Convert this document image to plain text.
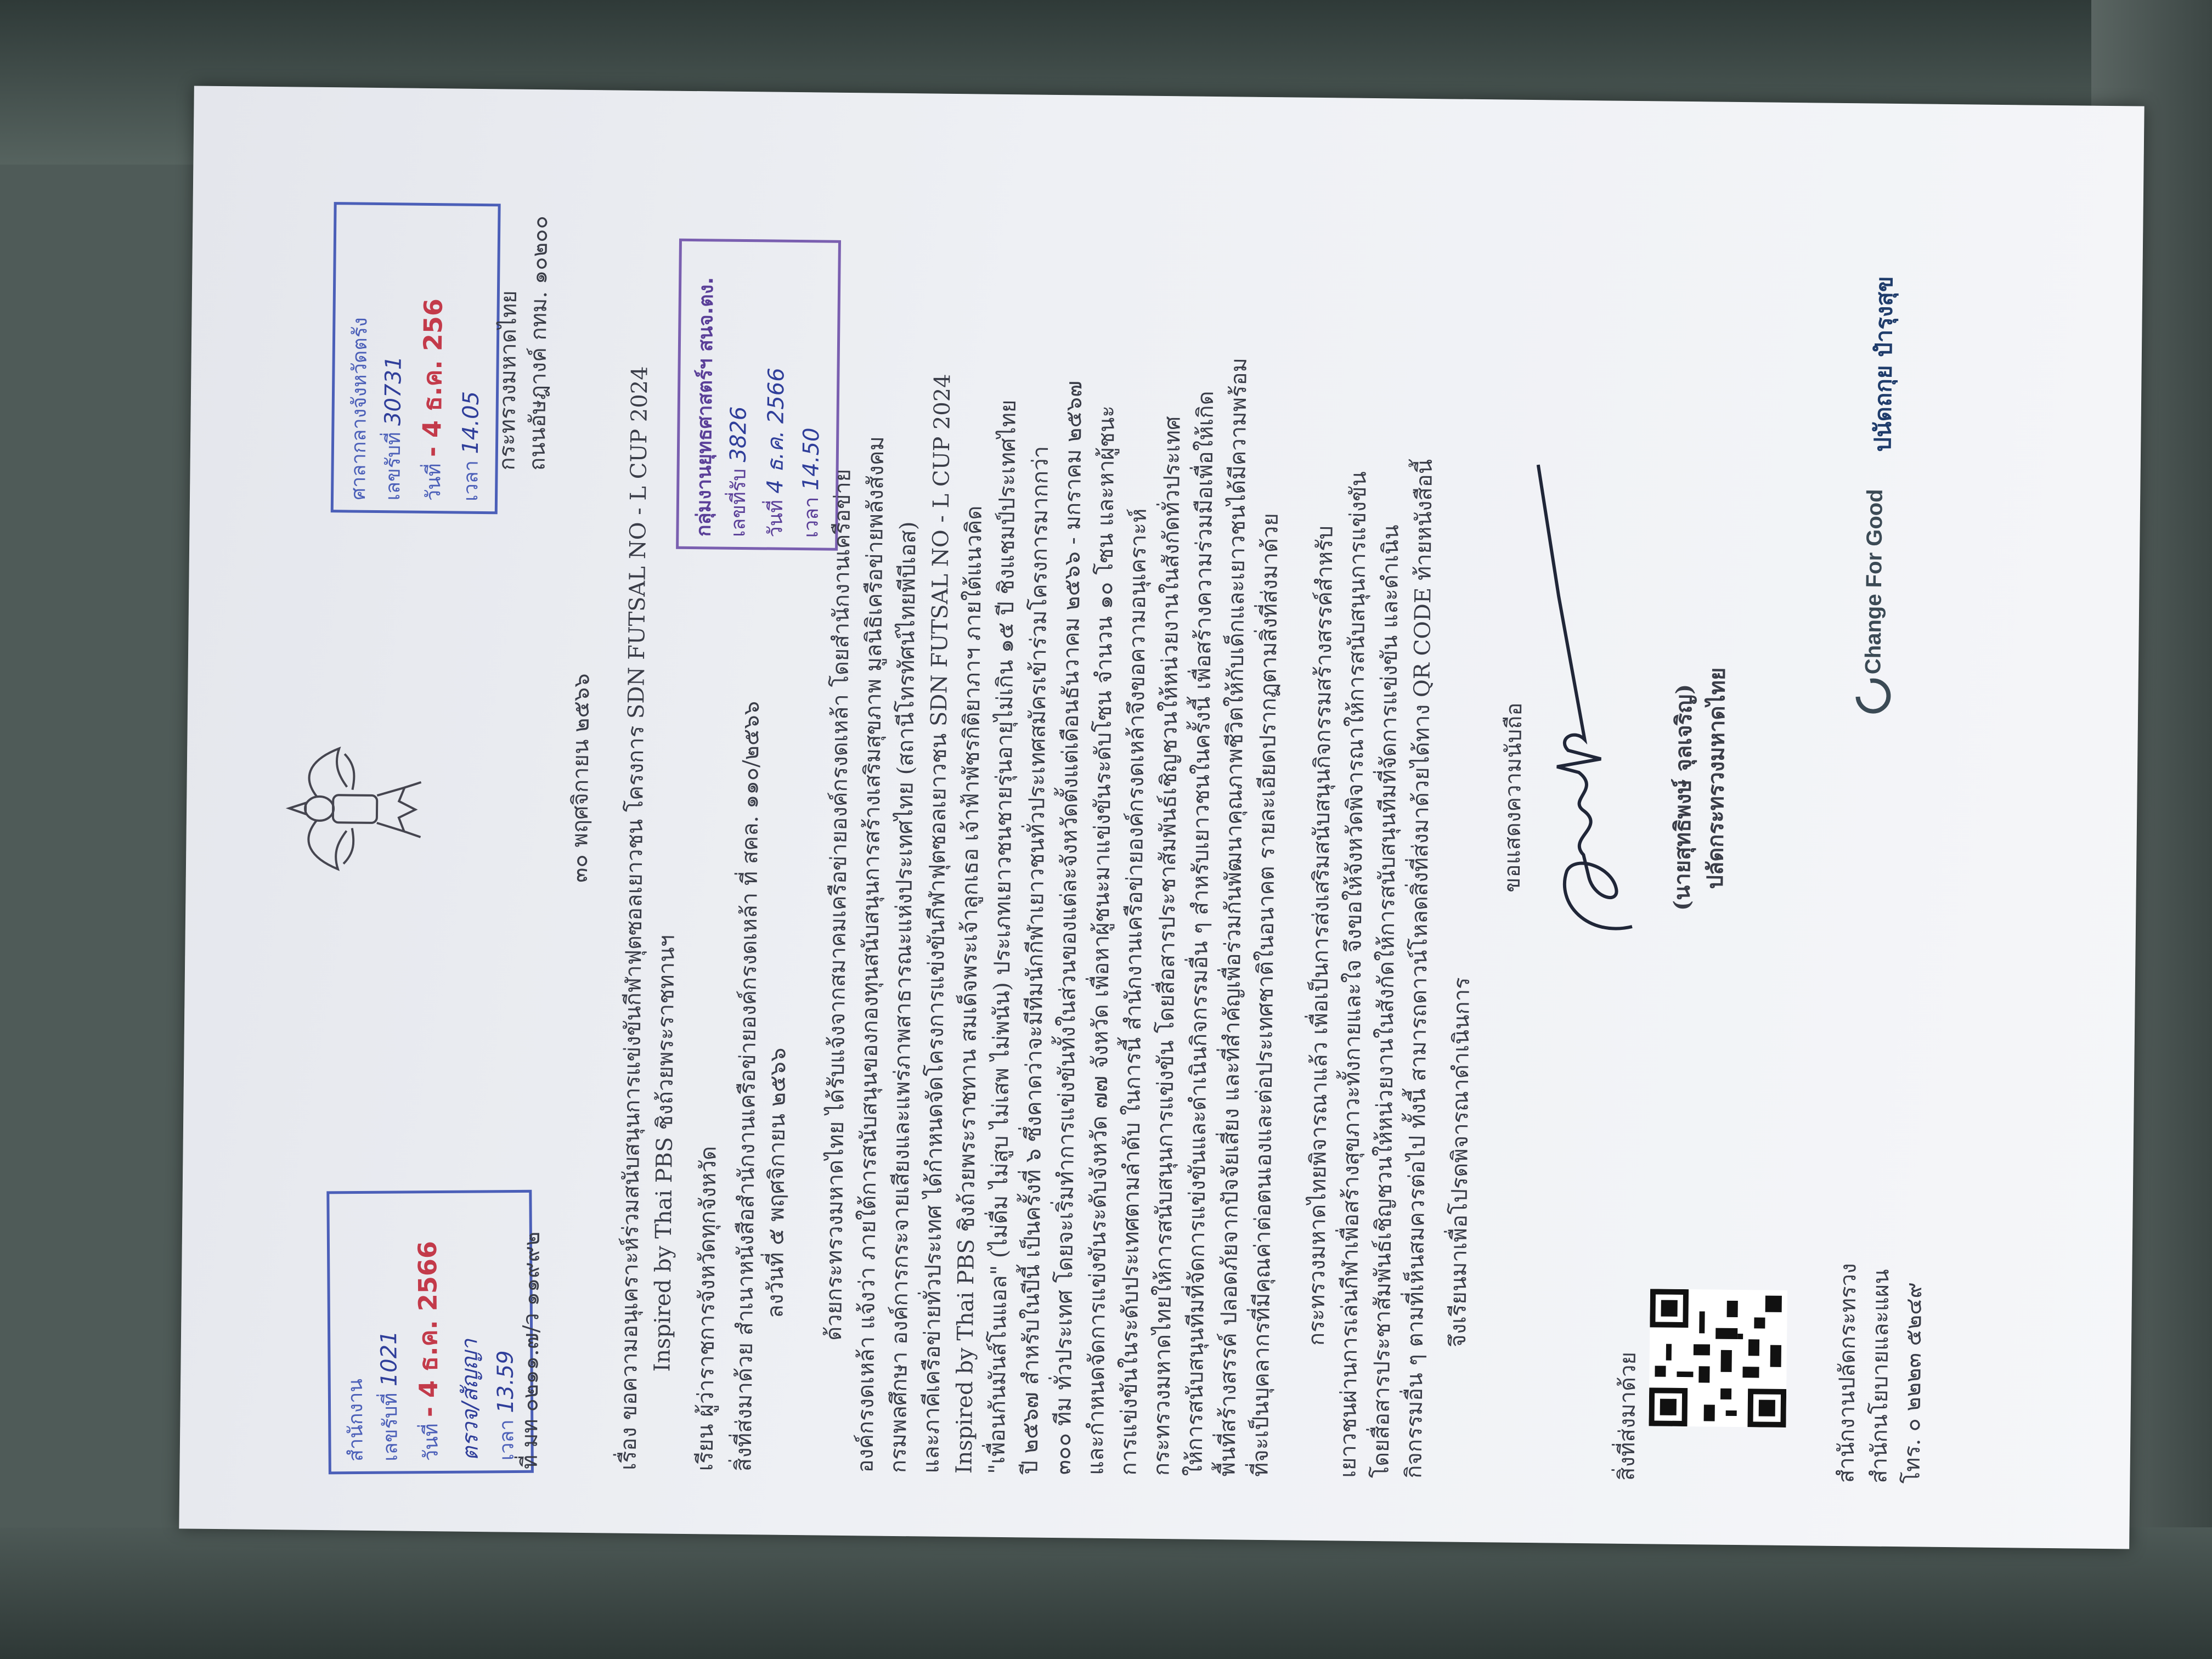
สำนักงาน เลขรับที่ 1021
วันที่ - 4 ธ.ค. 2566 ตรวจ/สัญญา เวลา 13.59
ศาลากลางจังหวัดตรัง เลขรับที่ 30731
วันที่ - 4 ธ.ค. 256
เวลา 14.05
ที่ มท ๐๒๑๑.๗/ว ๑๑๙๙๒
กระทรวงมหาดไทย ถนนอัษฎางค์ กทม. ๑๐๒๐๐
๓๐ พฤศจิกายน ๒๕๖๖
เรื่อง ขอความอนุเคราะห์ร่วมสนับสนุนการแข่งขันกีฬาฟุตซอลเยาวชน โครงการ SDN FUTSAL NO - L CUP 2024
Inspired by Thai PBS ชิงถ้วยพระราชทานฯ
เรียน ผู้ว่าราชการจังหวัดทุกจังหวัด สิ่งที่ส่งมาด้วย สำเนาหนังสือสำนักงานเครือข่ายองค์กรงดเหล้า ที่ สคล. ๑๑๐/๒๕๖๖
ลงวันที่ ๕ พฤศจิกายน ๒๕๖๖
กลุ่มงานยุทธศาสตร์ฯ สนจ.ตง. เลขที่รับ 3826
วันที่ 4 ธ.ค. 2566
เวลา 14.50
ด้วยกระทรวงมหาดไทย ได้รับแจ้งจากสมาคมเครือข่ายองค์กรงดเหล้า โดยสำนักงานเครือข่าย
องค์กรงดเหล้า แจ้งว่า ภายใต้การสนับสนุนของกองทุนสนับสนุนการสร้างเสริมสุขภาพ มูลนิธิเครือข่ายพลังสังคม
กรมพลศึกษา องค์การกระจายเสียงและแพร่ภาพสาธารณะแห่งประเทศไทย (สถานีโทรทัศน์ไทยพีบีเอส)
และภาคีเครือข่ายทั่วประเทศ ได้กำหนดจัดโครงการแข่งขันกีฬาฟุตซอลเยาวชน SDN FUTSAL NO - L CUP 2024
Inspired by Thai PBS ชิงถ้วยพระราชทาน สมเด็จพระเจ้าลูกเธอ เจ้าฟ้าพัชรกิติยาภาฯ ภายใต้แนวคิด
"เพื่อนกันมันส์โนแอล" (ไม่ดื่ม ไม่สูบ ไม่เสพ ไม่พนัน) ประเภทเยาวชนชายรุ่นอายุไม่เกิน ๑๕ ปี ชิงแชมป์ประเทศไทย
ปี ๒๕๖๗ สำหรับในปีนี้ เป็นครั้งที่ ๖ ซึ่งคาดว่าจะมีทีมนักกีฬาเยาวชนทั่วประเทศสมัครเข้าร่วมโครงการมากกว่า
๓๐๐ ทีม ทั่วประเทศ โดยจะเริ่มทำการแข่งขันทั้งในส่วนของแต่ละจังหวัดตั้งแต่เดือนธันวาคม ๒๕๖๖ - มกราคม ๒๕๖๗
และกำหนดจัดการแข่งขันระดับจังหวัด ๗๗ จังหวัด เพื่อหาผู้ชนะมาแข่งขันระดับโซน จำนวน ๑๐ โซน และหาผู้ชนะ
การแข่งขันในระดับประเทศตามลำดับ ในการนี้ สำนักงานเครือข่ายองค์กรงดเหล้าจึงขอความอนุเคราะห์
กระทรวงมหาดไทยให้การสนับสนุนการแข่งขัน โดยสื่อสารประชาสัมพันธ์เชิญชวนให้หน่วยงานในสังกัดทั่วประเทศ
ให้การสนับสนุนทีมที่จัดการแข่งขันและดำเนินกิจกรรมอื่น ๆ สำหรับเยาวชนในครั้งนี้ เพื่อสร้างความร่วมมือเพื่อให้เกิด
พื้นที่สร้างสรรค์ ปลอดภัยจากปัจจัยเสี่ยง และที่สำคัญเพื่อร่วมกันพัฒนาคุณภาพชีวิตให้กับเด็กและเยาวชนได้มีความพร้อม
ที่จะเป็นบุคลากรที่มีคุณค่าต่อตนเองและต่อประเทศชาติในอนาคต รายละเอียดปรากฏตามสิ่งที่ส่งมาด้วย กระทรวงมหาดไทยพิจารณาแล้ว เพื่อเป็นการส่งเสริมสนับสนุนกิจกรรมสร้างสรรค์สำหรับ
เยาวชนผ่านการเล่นกีฬาเพื่อสร้างสุขภาวะทั้งกายและใจ จึงขอให้จังหวัดพิจารณาให้การสนับสนุนการแข่งขัน
โดยสื่อสารประชาสัมพันธ์เชิญชวนให้หน่วยงานในสังกัดให้การสนับสนุนทีมที่จัดการแข่งขัน และดำเนิน
กิจกรรมอื่น ๆ ตามที่เห็นสมควรต่อไป ทั้งนี้ สามารถดาวน์โหลดสิ่งที่ส่งมาด้วยได้ทาง QR CODE ท้ายหนังสือนี้ จึงเรียนมาเพื่อโปรดพิจารณาดำเนินการ
ขอแสดงความนับถือ	(นายสุทธิพงษ์ จุลเจริญ) ปลัดกระทรวงมหาดไทย
สิ่งที่ส่งมาด้วย	สำนักงานปลัดกระทรวง สำนักนโยบายและแผน โทร. ๐ ๒๒๒๓ ๕๒๔๙
Change For Good
ปนัดถกุย ปำรุงสุข
